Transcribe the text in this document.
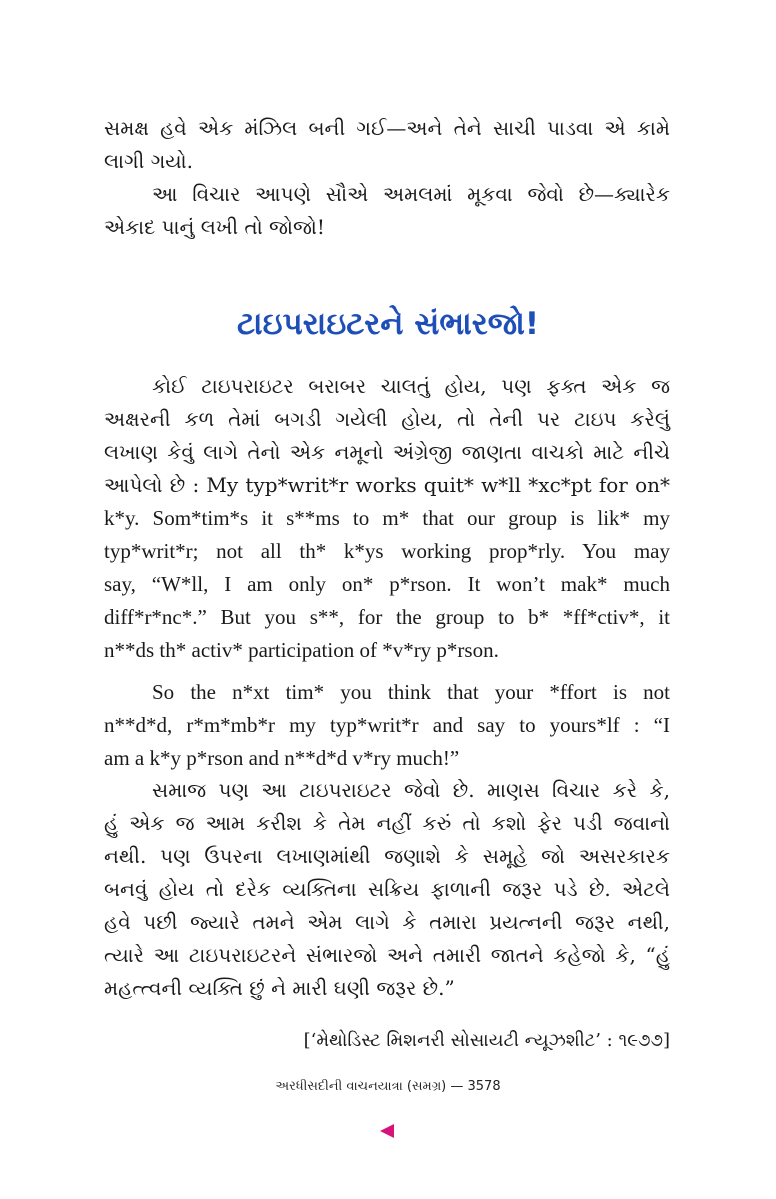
સમક્ષ હવે એક મંઝિલ બની ગઈ—અને તેને સાચી પાડવા એ કામે
લાગી ગયો.

આ વિચાર આપણે સૌએ અમલમાં મૂકવા જેવો છે—ક્યારેક
એકાદ પાનું લખી તો જોજો!

ટાઇપરાઇટરને સંભારજો!

કોઈ ટાઇપરાઇટર બરાબર ચાલતું હોય, પણ ફક્ત એક જ
અક્ષરની કળ તેમાં બગડી ગયેલી હોય, તો તેની પર ટાઇપ કરેલું
લખાણ કેવું લાગે તેનો એક નમૂનો અંગ્રેજી જાણતા વાચકો માટે નીચે
આપેલો છે : My typ*writ*r works quit* w*ll *xc*pt for on*
k*y. Som*tim*s it s**ms to m* that our group is lik* my
typ*writ*r; not all th* k*ys working prop*rly. You may
say, “W*ll, I am only on* p*rson. It won’t mak* much
diff*r*nc*.” But you s**, for the group to b* *ff*ctiv*, it
n**ds th* activ* participation of *v*ry p*rson.

So the n*xt tim* you think that your *ffort is not
n**d*d, r*m*mb*r my typ*writ*r and say to yours*lf : “I
am a k*y p*rson and n**d*d v*ry much!”

સમાજ પણ આ ટાઇપરાઇટર જેવો છે. માણસ વિચાર કરે કે,
હું એક જ આમ કરીશ કે તેમ નહીં કરું તો કશો ફેર પડી જવાનો
નથી. પણ ઉપરના લખાણમાંથી જણાશે કે સમૂહે જો અસરકારક
બનવું હોય તો દરેક વ્યક્તિના સક્રિય ફાળાની જરૂર પડે છે. એટલે
હવે પછી જ્યારે તમને એમ લાગે કે તમારા પ્રયત્નની જરૂર નથી,
ત્યારે આ ટાઇપરાઇટરને સંભારજો અને તમારી જાતને કહેજો કે, “હું
મહત્ત્વની વ્યક્તિ છું ને મારી ઘણી જરૂર છે.”

[‘મેથોડિસ્ટ મિશનરી સોસાયટી ન્યૂઝશીટ’ : ૧૯૭૭]
અરધીસદીની વાચનયાત્રા (સમગ્ર) — 3578
